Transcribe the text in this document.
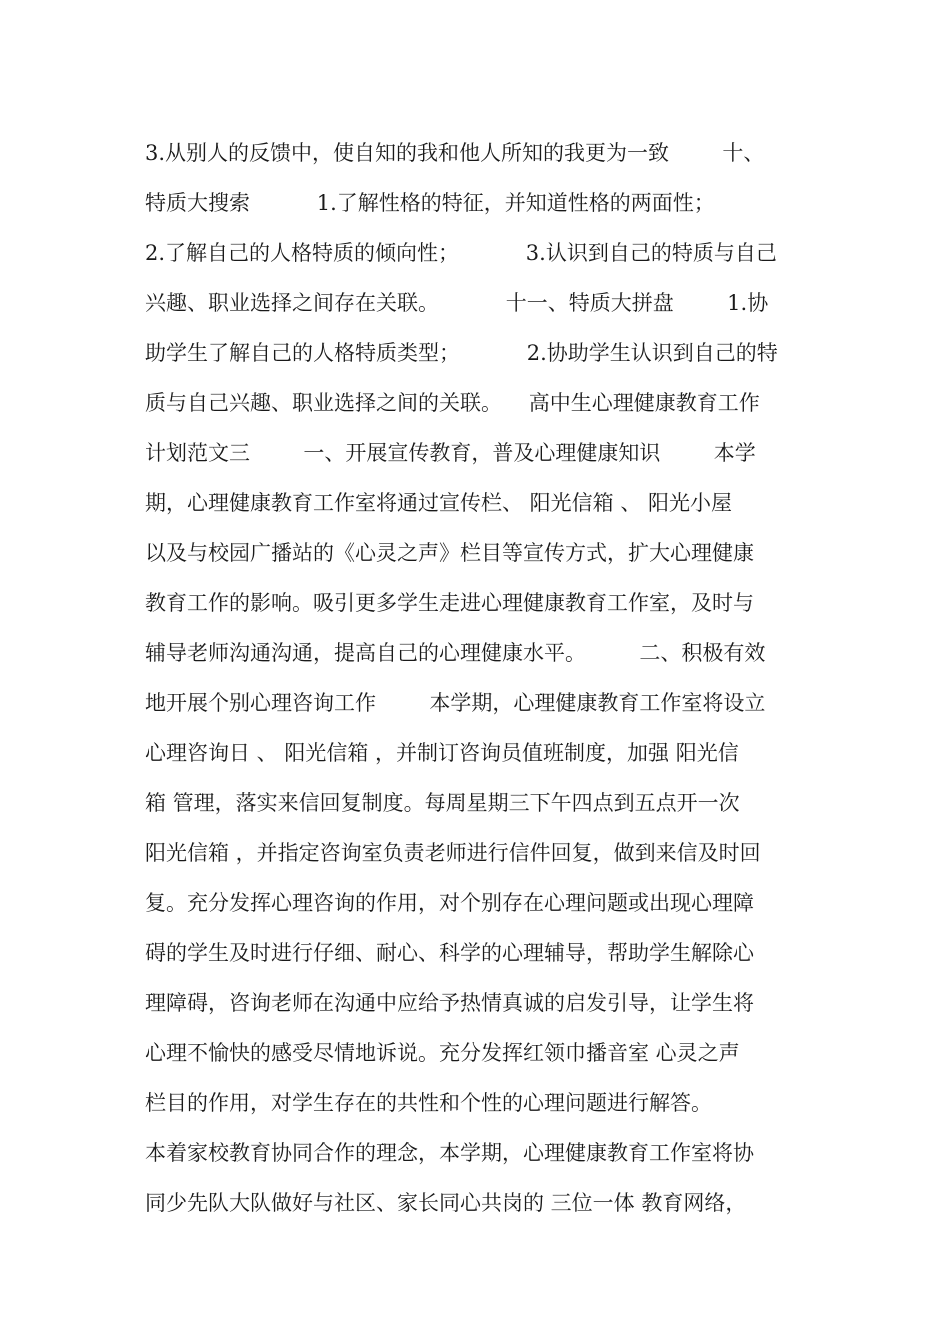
3.从别人的反馈中，使自知的我和他人所知的我更为一致        十、
特质大搜索          1.了解性格的特征，并知道性格的两面性；
2.了解自己的人格特质的倾向性；          3.认识到自己的特质与自己
兴趣、职业选择之间存在关联。          十一、特质大拼盘        1.协
助学生了解自己的人格特质类型；          2.协助学生认识到自己的特
质与自己兴趣、职业选择之间的关联。    高中生心理健康教育工作
计划范文三        一、开展宣传教育，普及心理健康知识        本学
期，心理健康教育工作室将通过宣传栏、 阳光信箱 、 阳光小屋
以及与校园广播站的《心灵之声》栏目等宣传方式，扩大心理健康
教育工作的影响。吸引更多学生走进心理健康教育工作室，及时与
辅导老师沟通沟通，提高自己的心理健康水平。        二、积极有效
地开展个别心理咨询工作        本学期，心理健康教育工作室将设立
心理咨询日 、 阳光信箱 ，并制订咨询员值班制度，加强 阳光信
箱 管理，落实来信回复制度。每周星期三下午四点到五点开一次
阳光信箱 ，并指定咨询室负责老师进行信件回复，做到来信及时回
复。充分发挥心理咨询的作用，对个别存在心理问题或出现心理障
碍的学生及时进行仔细、耐心、科学的心理辅导，帮助学生解除心
理障碍，咨询老师在沟通中应给予热情真诚的启发引导，让学生将
心理不愉快的感受尽情地诉说。充分发挥红领巾播音室 心灵之声
栏目的作用，对学生存在的共性和个性的心理问题进行解答。
本着家校教育协同合作的理念，本学期，心理健康教育工作室将协
同少先队大队做好与社区、家长同心共岗的 三位一体 教育网络，
